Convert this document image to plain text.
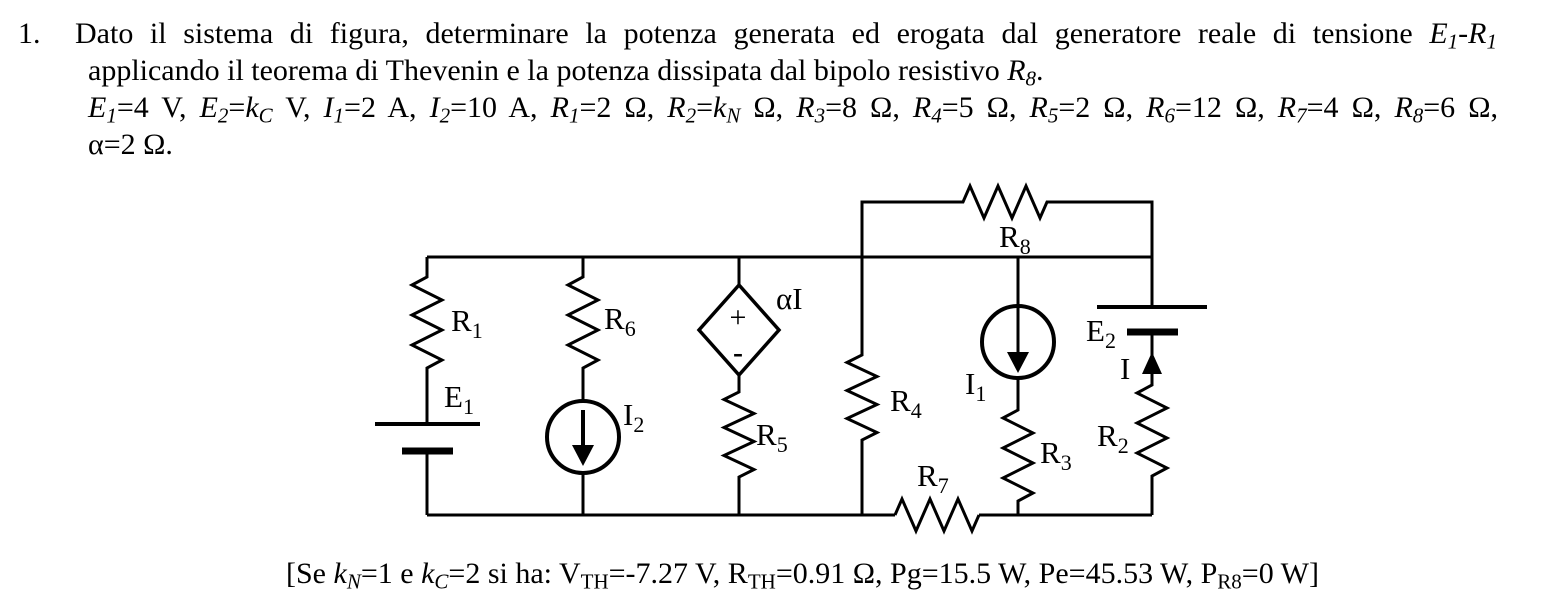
1. Dato il sistema di figura, determinare la potenza generata ed erogata dal generatore reale di tensione E1-R1
applicando il teorema di Thevenin e la potenza dissipata dal bipolo resistivo R8.
E1=4 V, E2=kC V, I1=2 A, I2=10 A, R1=2 Ω, R2=kN Ω, R3=8 Ω, R4=5 Ω, R5=2 Ω, R6=12 Ω, R7=4 Ω, R8=6 Ω,
α=2 Ω.
$R_1$
$E_1$
$R_6$
$I_2$
+
-
αI
$R_5$
$R_4$
$R_8$
$I_1$
$R_3$
$R_7$
$E_2$
I
$R_2$
[Se kN=1 e kC=2 si ha: VTH=-7.27 V, RTH=0.91 Ω, Pg=15.5 W, Pe=45.53 W, PR8=0 W]
